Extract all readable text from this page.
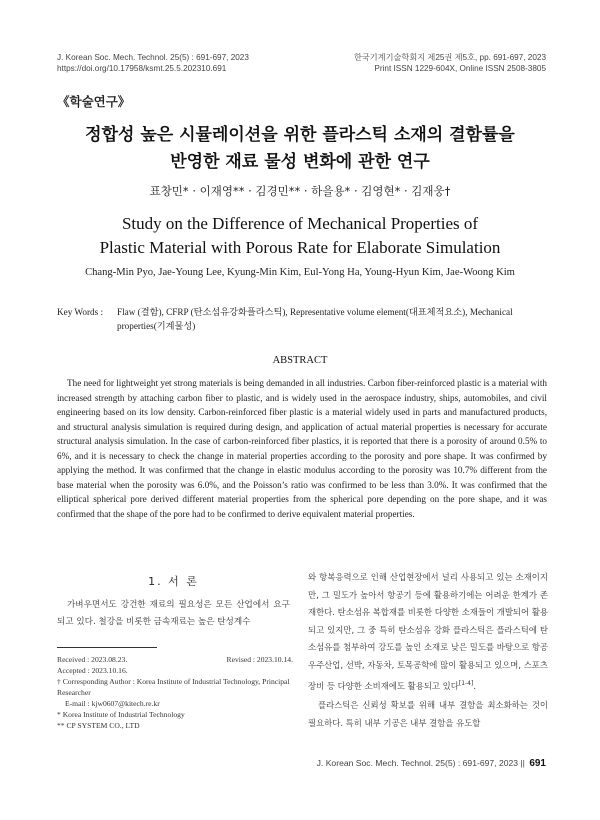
J. Korean Soc. Mech. Technol. 25(5) : 691-697, 2023
https://doi.org/10.17958/ksmt.25.5.202310.691
한국기계기술학회지 제25권 제5호, pp. 691-697, 2023
Print ISSN 1229-604X, Online ISSN 2508-3805
《학술연구》
정합성 높은 시뮬레이션을 위한 플라스틱 소재의 결함률을
반영한 재료 물성 변화에 관한 연구
표창민* · 이재영** · 김경민** · 하을용* · 김영현* · 김재웅†
Study on the Difference of Mechanical Properties of
Plastic Material with Porous Rate for Elaborate Simulation
Chang-Min Pyo, Jae-Young Lee, Kyung-Min Kim, Eul-Yong Ha, Young-Hyun Kim, Jae-Woong Kim
Key Words :	Flaw (결함), CFRP (탄소섬유강화플라스틱), Representative volume element(대표체적요소), Mechanical properties(기계물성)
ABSTRACT
The need for lightweight yet strong materials is being demanded in all industries. Carbon fiber-reinforced plastic is a material with increased strength by attaching carbon fiber to plastic, and is widely used in the aerospace industry, ships, automobiles, and civil engineering based on its low density. Carbon-reinforced fiber plastic is a material widely used in parts and manufactured products, and structural analysis simulation is required during design, and application of actual material properties is necessary for accurate structural analysis simulation. In the case of carbon-reinforced fiber plastics, it is reported that there is a porosity of around 0.5% to 6%, and it is necessary to check the change in material properties according to the porosity and pore shape. It was confirmed by applying the method. It was confirmed that the change in elastic modulus according to the porosity was 10.7% different from the base material when the porosity was 6.0%, and the Poisson’s ratio was confirmed to be less than 3.0%. It was confirmed that the elliptical spherical pore derived different material properties from the spherical pore depending on the pore shape, and it was confirmed that the shape of the pore had to be confirmed to derive equivalent material properties.
1. 서 론
가벼우면서도 강건한 재료의 필요성은 모든 산업에서 요구되고 있다. 철강을 비롯한 금속재료는 높은 탄성계수

와 항복응력으로 인해 산업현장에서 널리 사용되고 있는 소재이지만, 그 밀도가 높아서 항공기 등에 활용하기에는 어려운 한계가 존재한다. 탄소섬유 복합재를 비롯한 다양한 소재들이 개발되어 활용되고 있지만, 그 중 특히 탄소섬유 강화 플라스틱은 플라스틱에 탄소섬유를 첨부하여 강도를 높인 소재로 낮은 밀도를 바탕으로 항공 우주산업, 선박, 자동차, 토목공학에 많이 활용되고 있으며, 스포츠 장비 등 다양한 소비재에도 활용되고 있다[1-4].

플라스틱은 신뢰성 확보를 위해 내부 결함을 최소화하는 것이 필요하다. 특히 내부 기공은 내부 결함을 유도할

Received : 2023.08.23.	Revised : 2023.10.14.
Accepted : 2023.10.16.
† Corresponding Author : Korea Institute of Industrial Technology, Principal Researcher
E-mail : kjw0607@kitech.re.kr
* Korea Institute of Industrial Technology
** CP SYSTEM CO., LTD
J. Korean Soc. Mech. Technol. 25(5) : 691-697, 2023 || 691
